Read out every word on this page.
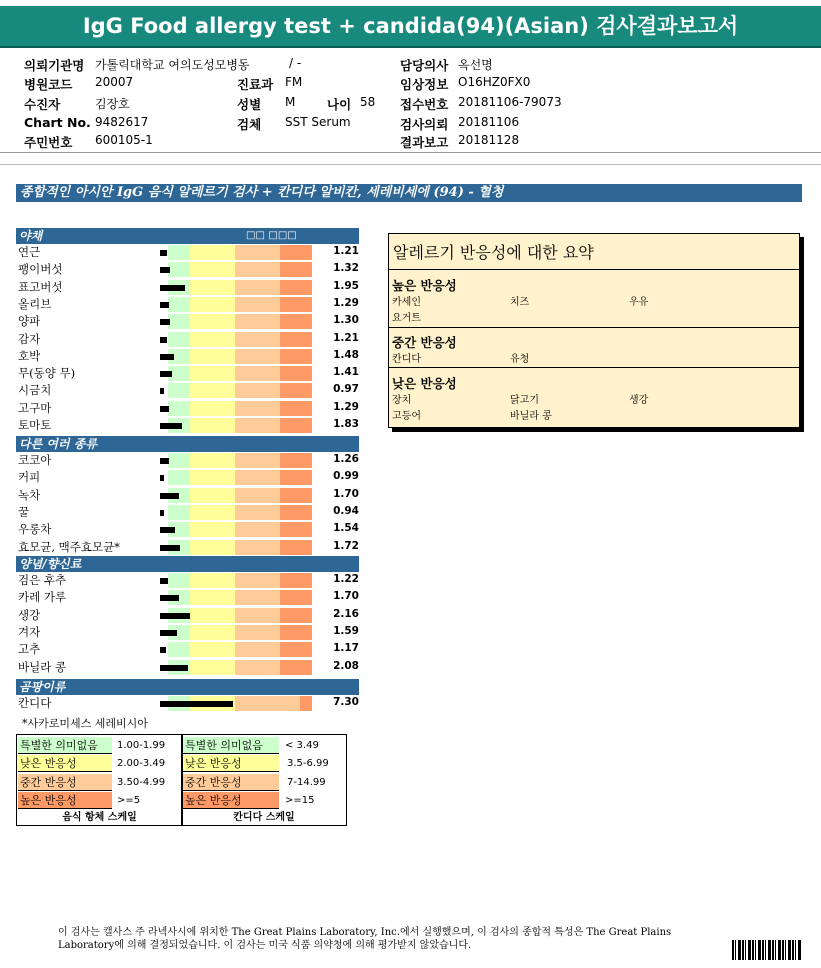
IgG Food allergy test + candida(94)(Asian) 검사결과보고서
의뢰기관명 가톨릭대학교 여의도성모병동	/ -
병원코드 20007
수진자	김장호
Chart No. 9482617
주민번호 600105-1
진료과 FM
성별 M	나이 58
검체 SST Serum
담당의사 옥선명
임상정보 O16HZ0FX0
접수번호 20181106-79073
검사의뢰 20181106
결과보고 20181128
종합적인 아시안 IgG 음식 알레르기 검사 + 칸디다 알비칸, 세레비세에 (94) - 혈청
야채	□□ □□□
연근	1.21
팽이버섯	1.32
표고버섯	1.95
올리브	1.29
양파	1.30
감자	1.21
호박	1.48
무(동양 무)	1.41
시금치	0.97
고구마	1.29
토마토	1.83
다른 여러 종류
코코아	1.26
커피	0.99
녹차	1.70
꿀	0.94
우롱차	1.54
효모균, 맥주효모균*	1.72
양념/향신료
검은 후추	1.22
카레 가루	1.70
생강	2.16
겨자	1.59
고추	1.17
바닐라 콩	2.08
곰팡이류
칸디다	7.30
*사카로미세스 세레비시아
알레르기 반응성에 대한 요약
높은 반응성
카세인	치즈	우유
요거트
중간 반응성
칸디다	유청
낮은 반응성
장치	닭고기	생강
고등어	바닐라 콩
특별한 의미없음	1.00-1.99
낮은 반응성	2.00-3.49
중간 반응성	3.50-4.99
높은 반응성	>=5
음식 항체 스케일
특별한 의미없음	< 3.49
낮은 반응성	3.5-6.99
중간 반응성	7-14.99
높은 반응성	>=15
칸디다 스케일
이 검사는 캘사스 주 라넥사시에 위치한 The Great Plains Laboratory, Inc.에서 실행했으며, 이 검사의 종합적 특성은 The Great Plains Laboratory에 의해 결정되었습니다. 이 검사는 미국 식품 의약청에 의해 평가받지 않았습니다.
